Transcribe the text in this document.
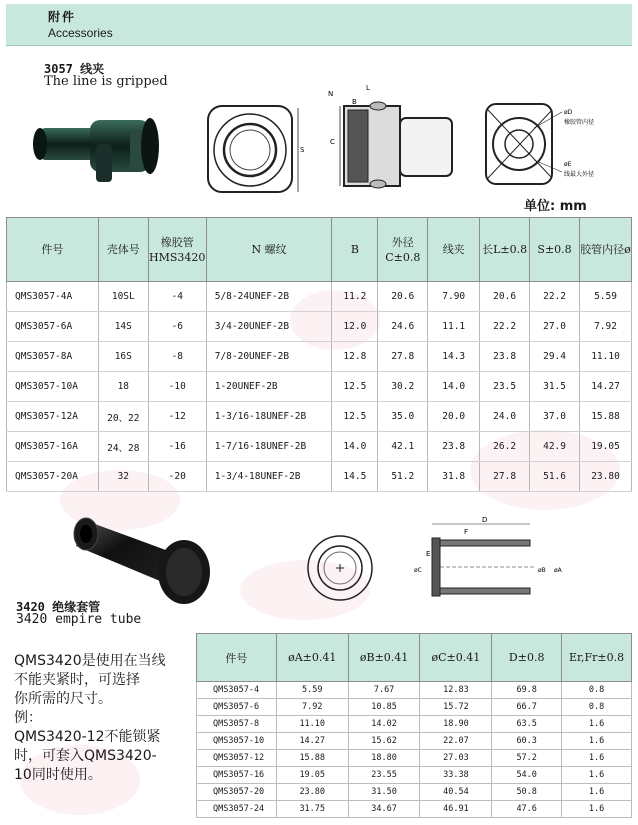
附件
Accessories
3057 线夹
The line is gripped
S
N
B
L
C
øD
橡胶管内径
øE
线最大外径
单位: mm
件号	壳体号	橡胶管HMS3420	N 螺纹	B	外径C±0.8	线夹	长L±0.8	S±0.8	胶管内径ø
QMS3057-4A	10SL	-4	5/8-24UNEF-2B	11.2	20.6	7.90	20.6	22.2	5.59
QMS3057-6A	14S	-6	3/4-20UNEF-2B	12.0	24.6	11.1	22.2	27.0	7.92
QMS3057-8A	16S	-8	7/8-20UNEF-2B	12.8	27.8	14.3	23.8	29.4	11.10
QMS3057-10A	18	-10	1-20UNEF-2B	12.5	30.2	14.0	23.5	31.5	14.27
QMS3057-12A	20、22	-12	1-3/16-18UNEF-2B	12.5	35.0	20.0	24.0	37.0	15.88
QMS3057-16A	24、28	-16	1-7/16-18UNEF-2B	14.0	42.1	23.8	26.2	42.9	19.05
QMS3057-20A	32	-20	1-3/4-18UNEF-2B	14.5	51.2	31.8	27.8	51.6	23.80
D
F
E
øC	øB øA
3420 绝缘套管
3420 empire tube

QMS3420是使用在当线

不能夹紧时，可选择

你所需的尺寸。

例：

QMS3420-12不能锁紧

时，可套入QMS3420-

10同时使用。

件号	øA±0.41	øB±0.41	øC±0.41	D±0.8	Er,Fr±0.8
QMS3057-4	5.59	7.67	12.83	69.8	0.8
QMS3057-6	7.92	10.85	15.72	66.7	0.8
QMS3057-8	11.10	14.02	18.90	63.5	1.6
QMS3057-10	14.27	15.62	22.07	60.3	1.6
QMS3057-12	15.88	18.80	27.03	57.2	1.6
QMS3057-16	19.05	23.55	33.38	54.0	1.6
QMS3057-20	23.80	31.50	40.54	50.8	1.6
QMS3057-24	31.75	34.67	46.91	47.6	1.6
